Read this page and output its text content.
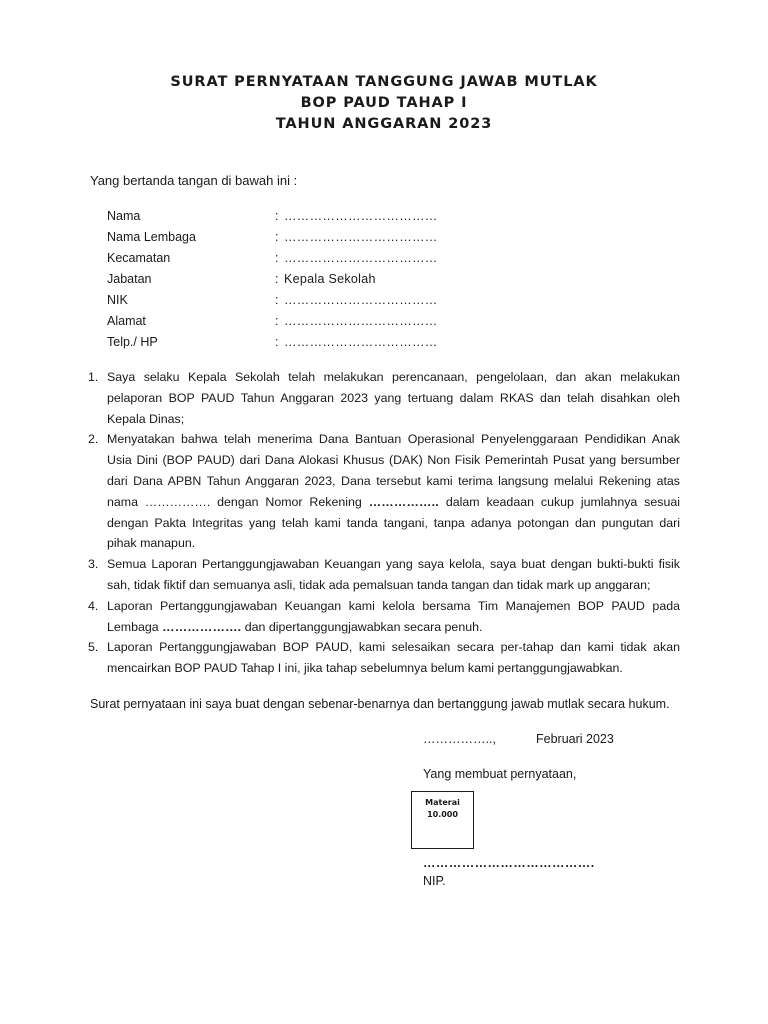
SURAT PERNYATAAN TANGGUNG JAWAB MUTLAK
BOP PAUD TAHAP I
TAHUN ANGGARAN 2023
Yang bertanda tangan di bawah ini :
Nama	: ………………………………
Nama Lembaga	: ………………………………
Kecamatan	: ………………………………
Jabatan	: Kepala Sekolah
NIK	: ………………………………
Alamat	: ………………………………
Telp./ HP	: ………………………………
1. Saya selaku Kepala Sekolah telah melakukan perencanaan, pengelolaan, dan akan melakukan
pelaporan BOP PAUD Tahun Anggaran 2023 yang tertuang dalam RKAS dan telah disahkan oleh
Kepala Dinas;
2. Menyatakan bahwa telah menerima Dana Bantuan Operasional Penyelenggaraan Pendidikan Anak
Usia Dini (BOP PAUD) dari Dana Alokasi Khusus (DAK) Non Fisik Pemerintah Pusat yang bersumber
dari Dana APBN Tahun Anggaran 2023, Dana tersebut kami terima langsung melalui Rekening atas
nama ……………. dengan Nomor Rekening …………….. dalam keadaan cukup jumlahnya sesuai
dengan Pakta Integritas yang telah kami tanda tangani, tanpa adanya potongan dan pungutan dari
pihak manapun.
3. Semua Laporan Pertanggungjawaban Keuangan yang saya kelola, saya buat dengan bukti-bukti fisik
sah, tidak fiktif dan semuanya asli, tidak ada pemalsuan tanda tangan dan tidak mark up anggaran;
4. Laporan Pertanggungjawaban Keuangan kami kelola bersama Tim Manajemen BOP PAUD pada
Lembaga ………………. dan dipertanggungjawabkan secara penuh.
5. Laporan Pertanggungjawaban BOP PAUD, kami selesaikan secara per-tahap dan kami tidak akan
mencairkan BOP PAUD Tahap I ini, jika tahap sebelumnya belum kami pertanggungjawabkan.
Surat pernyataan ini saya buat dengan sebenar-benarnya dan bertanggung jawab mutlak secara hukum.
……………..,	Februari 2023
Yang membuat pernyataan,
Materai
10.000
………………………………….
NIP.
